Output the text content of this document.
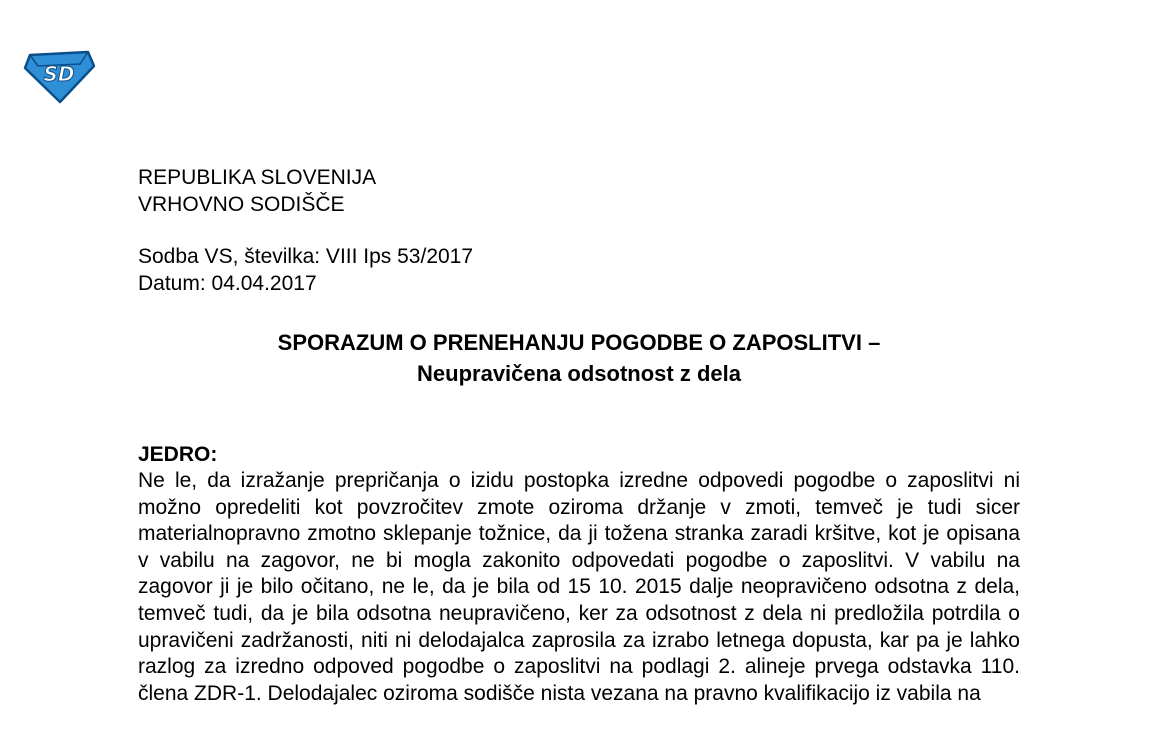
SD
REPUBLIKA SLOVENIJA
VRHOVNO SODIŠČE
Sodba VS, številka: VIII Ips 53/2017
Datum: 04.04.2017
SPORAZUM O PRENEHANJU POGODBE O ZAPOSLITVI –
Neupravičena odsotnost z dela
JEDRO:

Ne le, da izražanje prepričanja o izidu postopka izredne odpovedi pogodbe o zaposlitvi ni možno opredeliti kot povzročitev zmote oziroma držanje v zmoti, temveč je tudi sicer materialnopravno zmotno sklepanje tožnice, da ji tožena stranka zaradi kršitve, kot je opisana v vabilu na zagovor, ne bi mogla zakonito odpovedati pogodbe o zaposlitvi. V vabilu na zagovor ji je bilo očitano, ne le, da je bila od 15 10. 2015 dalje neopravičeno odsotna z dela, temveč tudi, da je bila odsotna neupravičeno, ker za odsotnost z dela ni predložila potrdila o upravičeni zadržanosti, niti ni delodajalca zaprosila za izrabo letnega dopusta, kar pa je lahko razlog za izredno odpoved pogodbe o zaposlitvi na podlagi 2. alineje prvega odstavka 110. člena ZDR-1. Delodajalec oziroma sodišče nista vezana na pravno kvalifikacijo iz vabila na
